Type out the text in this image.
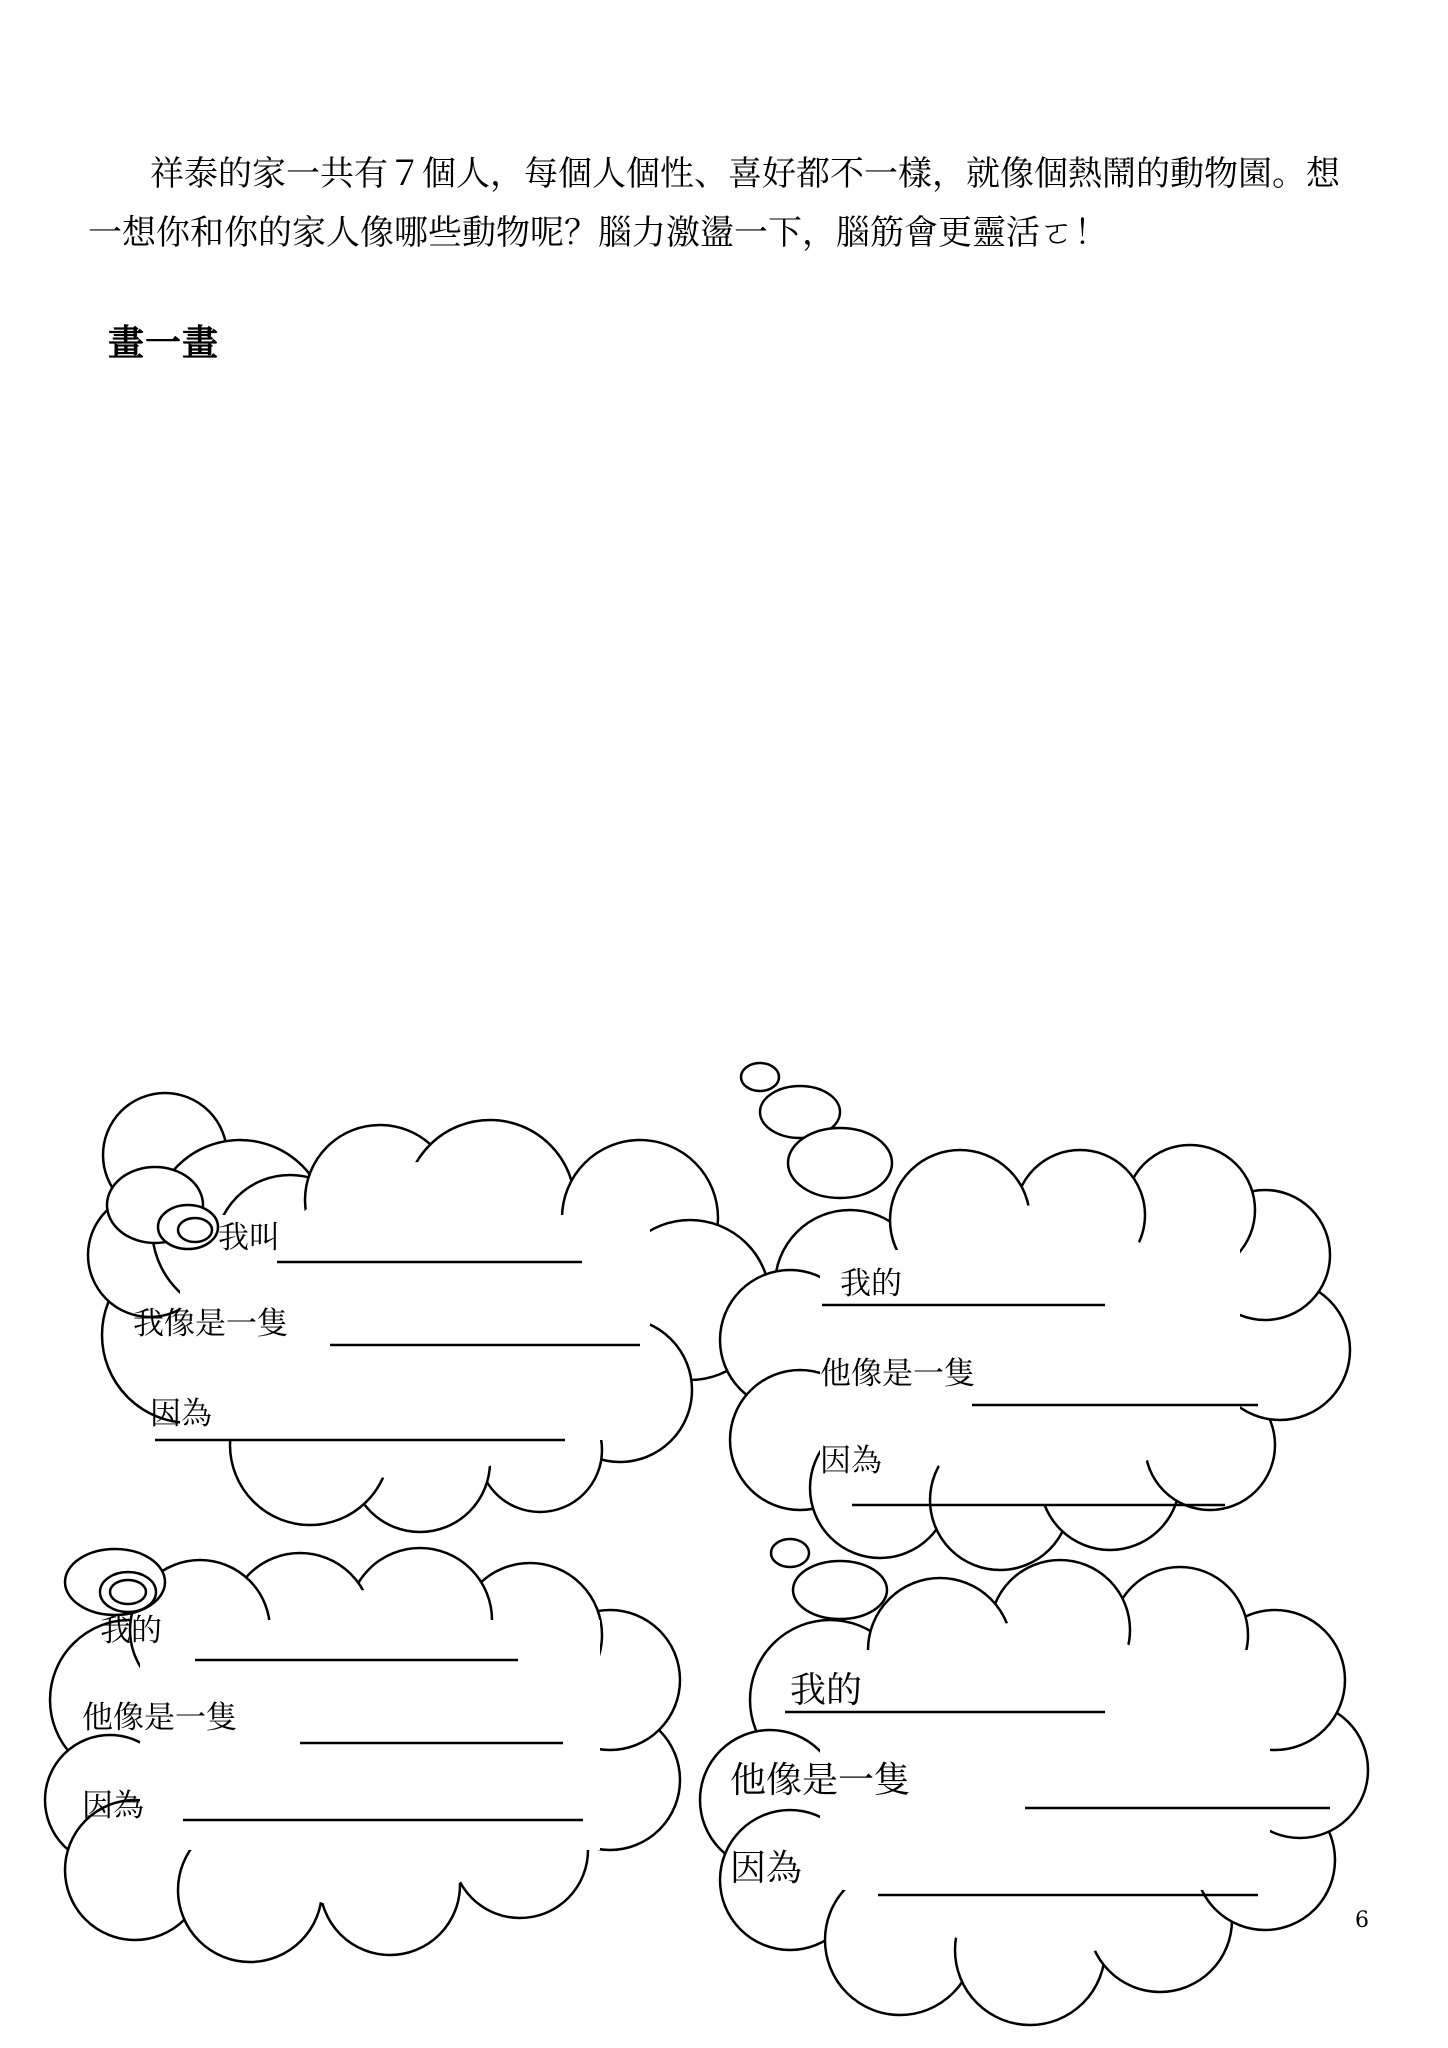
祥泰的家一共有７個人，每個人個性、喜好都不一樣，就像個熱鬧的動物園。想一想你和你的家人像哪些動物呢？腦力激盪一下，腦筋會更靈活ㄛ！

畫一畫
我叫
我像是一隻
因為
我的
他像是一隻
因為
我的
他像是一隻
因為
我的
他像是一隻
因為
6
